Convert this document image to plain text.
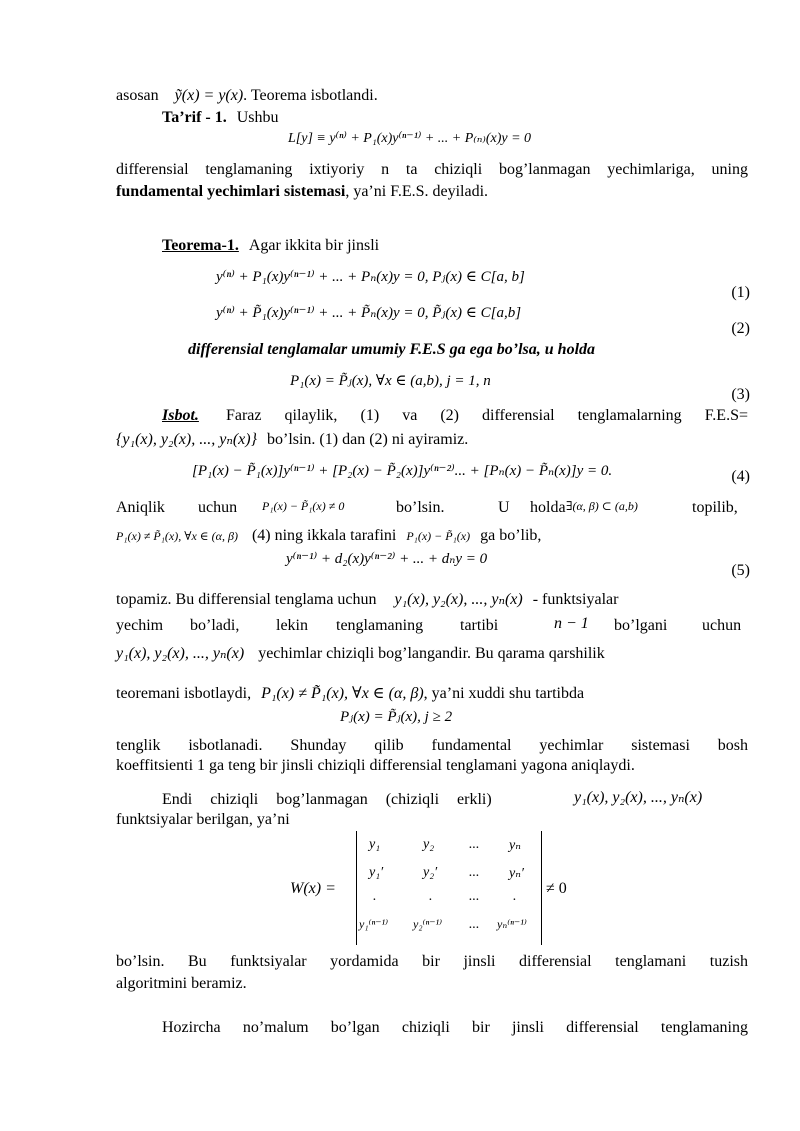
asosan ỹ(x) = y(x). Teorema isbotlandi.
Ta’rif - 1. Ushbu
L[y] ≡ y⁽ⁿ⁾ + P₁(x)y⁽ⁿ⁻¹⁾ + ... + P₍ₙ₎(x)y = 0
differensial tenglamaning ixtiyoriy n ta chiziqli bog’lanmagan yechimlariga, uning
fundamental yechimlari sistemasi, ya’ni F.E.S. deyiladi.
Teorema-1. Agar ikkita bir jinsli
y⁽ⁿ⁾ + P₁(x)y⁽ⁿ⁻¹⁾ + ... + Pₙ(x)y = 0, Pⱼ(x) ∈ C[a, b]
(1)
y⁽ⁿ⁾ + P̃₁(x)y⁽ⁿ⁻¹⁾ + ... + P̃ₙ(x)y = 0, P̃ⱼ(x) ∈ C[a,b]
(2)
differensial tenglamalar umumiy F.E.S ga ega bo’lsa, u holda
P₁(x) = P̃ⱼ(x), ∀x ∈ (a,b), j = 1, n
(3)
Isbot. Faraz qilaylik, (1) va (2) differensial tenglamalarning F.E.S=
{y₁(x), y₂(x), ..., yₙ(x)} bo’lsin. (1) dan (2) ni ayiramiz.
[P₁(x) − P̃₁(x)]y⁽ⁿ⁻¹⁾ + [P₂(x) − P̃₂(x)]y⁽ⁿ⁻²⁾... + [Pₙ(x) − P̃ₙ(x)]y = 0.	(4)
Aniqlik uchun P₁(x) − P̃₁(x) ≠ 0	bo’lsin.	U holda ∃(α, β) ⊂ (a,b)	topilib,
P₁(x) ≠ P̃₁(x), ∀x ∈ (α, β) (4) ning ikkala tarafini P₁(x) − P̃₁(x) ga bo’lib,
y⁽ⁿ⁻¹⁾ + d₂(x)y⁽ⁿ⁻²⁾ + ... + dₙy = 0
(5)
topamiz. Bu differensial tenglama uchun y₁(x), y₂(x), ..., yₙ(x) - funktsiyalar
yechim bo’ladi, lekin tenglamaning tartibi	n − 1 bo’lgani uchun
y₁(x), y₂(x), ..., yₙ(x) yechimlar chiziqli bog’langandir. Bu qarama qarshilik
teoremani isbotlaydi, P₁(x) ≠ P̃₁(x), ∀x ∈ (α, β), ya’ni xuddi shu tartibda
Pⱼ(x) = P̃ⱼ(x), j ≥ 2
tenglik isbotlanadi. Shunday qilib fundamental yechimlar sistemasi bosh
koeffitsienti 1 ga teng bir jinsli chiziqli differensial tenglamani yagona aniqlaydi.
Endi chiziqli bog’lanmagan (chiziqli erkli)	y₁(x), y₂(x), ..., yₙ(x)
funktsiyalar berilgan, ya’ni
W(x) =
y₁	y₂ ... yₙ
y₁′	y₂′ ... yₙ′
.	.	... .
y₁⁽ⁿ⁻¹⁾ y₂⁽ⁿ⁻¹⁾ ... yₙ⁽ⁿ⁻¹⁾
≠ 0
bo’lsin. Bu funktsiyalar yordamida bir jinsli differensial tenglamani tuzish
algoritmini beramiz.
Hozircha no’malum bo’lgan chiziqli bir jinsli differensial tenglamaning
